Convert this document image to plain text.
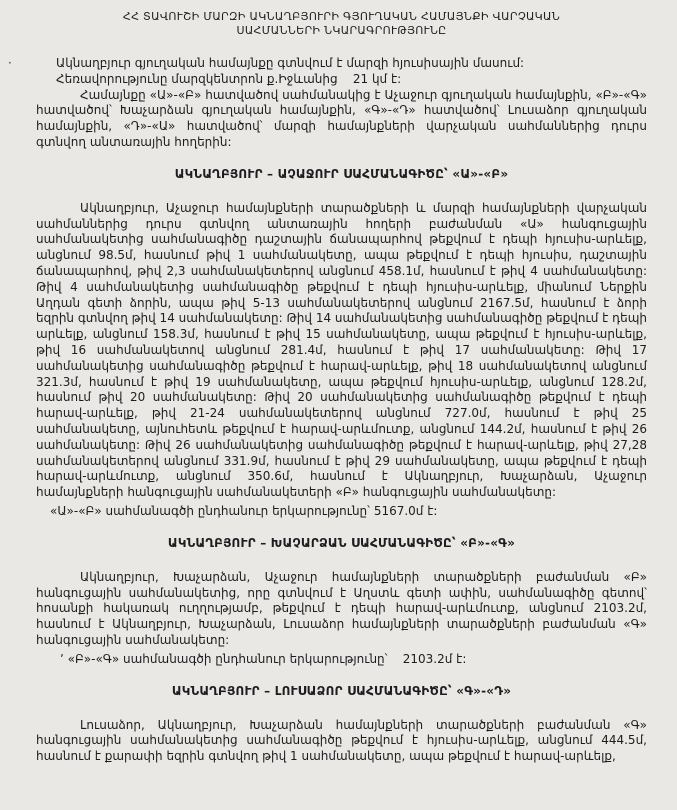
·
ՀՀ ՏԱՎՈՒՇԻ ՄԱՐԶԻ ԱԿՆԱՂԲՅՈՒՐԻ ԳՅՈՒՂԱԿԱՆ ՀԱՄԱՅՆՔԻ ՎԱՐՉԱԿԱՆ
ՍԱՀՄԱՆՆԵՐԻ ՆԿԱՐԱԳՐՈՒԹՅՈՒՆԸ

Ակնաղբյուր գյուղական համայնքը գտնվում է մարզի հյուսիսային մասում:

Հեռավորությունը մարզկենտրոն ք.Իջևանից    21 կմ է:

Համայնքը «Ա»-«Բ» հատվածով սահմանակից է Աչաջուր գյուղական համայնքին, «Բ»-«Գ» հատվածով՝ Խաչարձան գյուղական համայնքին, «Գ»-«Դ» հատվածով՝ Լուսաձոր գյուղական համայնքին, «Դ»-«Ա» հատվածով՝ մարզի համայնքների վարչական սահմաններից դուրս գտնվող անտառային հողերին:

ԱԿՆԱՂԲՅՈՒՐ – ԱՉԱՋՈՒՐ ՍԱՀՄԱՆԱԳԻԾԸ՝ «Ա»-«Բ»

Ակնաղբյուր, Աչաջուր համայնքների տարածքների և մարզի համայնքների վարչական սահմաններից դուրս գտնվող անտառային հողերի բաժանման «Ա» հանգուցային սահմանակետից սահմանագիծը դաշտային ճանապարհով թեքվում է դեպի հյուսիս-արևելք, անցնում 98.5մ, հասնում թիվ 1 սահմանակետը, ապա թեքվում է դեպի հյուսիս, դաշտային ճանապարհով, թիվ 2,3 սահմանակետերով անցնում 458.1մ, հասնում է թիվ 4 սահմանակետը: Թիվ 4 սահմանակետից սահմանագիծը թեքվում է դեպի հյուսիս-արևելք, միանում Ներքին Աղդան գետի ձորին, ապա թիվ 5-13 սահմանակետերով անցնում 2167.5մ, հասնում է ձորի եզրին գտնվող թիվ 14 սահմանակետը: Թիվ 14 սահմանակետից սահմանագիծը թեքվում է դեպի արևելք, անցնում 158.3մ, հասնում է թիվ 15 սահմանակետը, ապա թեքվում է հյուսիս-արևելք, թիվ 16 սահմանակետով անցնում 281.4մ, հասնում է թիվ 17 սահմանակետը: Թիվ 17 սահմանակետից սահմանագիծը թեքվում է հարավ-արևելք, թիվ 18 սահմանակետով անցնում 321.3մ, հասնում է թիվ 19 սահմանակետը, ապա թեքվում հյուսիս-արևելք, անցնում 128.2մ, հասնում թիվ 20 սահմանակետը: Թիվ 20 սահմանակետից սահմանագիծը թեքվում է դեպի հարավ-արևելք, թիվ 21-24 սահմանակետերով անցնում 727.0մ, հասնում է թիվ 25 սահմանակետը, այնուհետև թեքվում է հարավ-արևմուտք, անցնում 144.2մ, հասնում է թիվ 26 սահմանակետը: Թիվ 26 սահմանակետից սահմանագիծը թեքվում է հարավ-արևելք, թիվ 27,28 սահմանակետերով անցնում 331.9մ, հասնում է թիվ 29 սահմանակետը, ապա թեքվում է դեպի հարավ-արևմուտք, անցնում 350.6մ, հասնում է Ակնաղբյուր, Խաչարձան, Աչաջուր համայնքների հանգուցային սահմանակետերի «Բ» հանգուցային սահմանակետը:

«Ա»-«Բ» սահմանագծի ընդհանուր երկարությունը՝ 5167.0մ է:

ԱԿՆԱՂԲՅՈՒՐ – ԽԱՉԱՐՁԱՆ ՍԱՀՄԱՆԱԳԻԾԸ՝ «Բ»-«Գ»

Ակնաղբյուր, Խաչարձան, Աչաջուր համայնքների տարածքների բաժանման «Բ» հանգուցային սահմանակետից, որը գտնվում է Աղստև գետի ափին, սահմանագիծը գետով՝ հոսանքի հակառակ ուղղությամբ, թեքվում է դեպի հարավ-արևմուտք, անցնում 2103.2մ, հասնում է Ակնաղբյուր, Խաչարձան, Լուսաձոր համայնքների տարածքների բաժանման «Գ» հանգուցային սահմանակետը:

՚ «Բ»-«Գ» սահմանագծի ընդհանուր երկարությունը՝    2103.2մ է:

ԱԿՆԱՂԲՅՈՒՐ – ԼՈՒՍԱՁՈՐ ՍԱՀՄԱՆԱԳԻԾԸ՝ «Գ»-«Դ»

Լուսաձոր, Ակնաղբյուր, Խաչարձան համայնքների տարածքների բաժանման «Գ» հանգուցային սահմանակետից սահմանագիծը թեքվում է հյուսիս-արևելք, անցնում 444.5մ, հասնում է քարափի եզրին գտնվող թիվ 1 սահմանակետը, ապա թեքվում է հարավ-արևելք,
